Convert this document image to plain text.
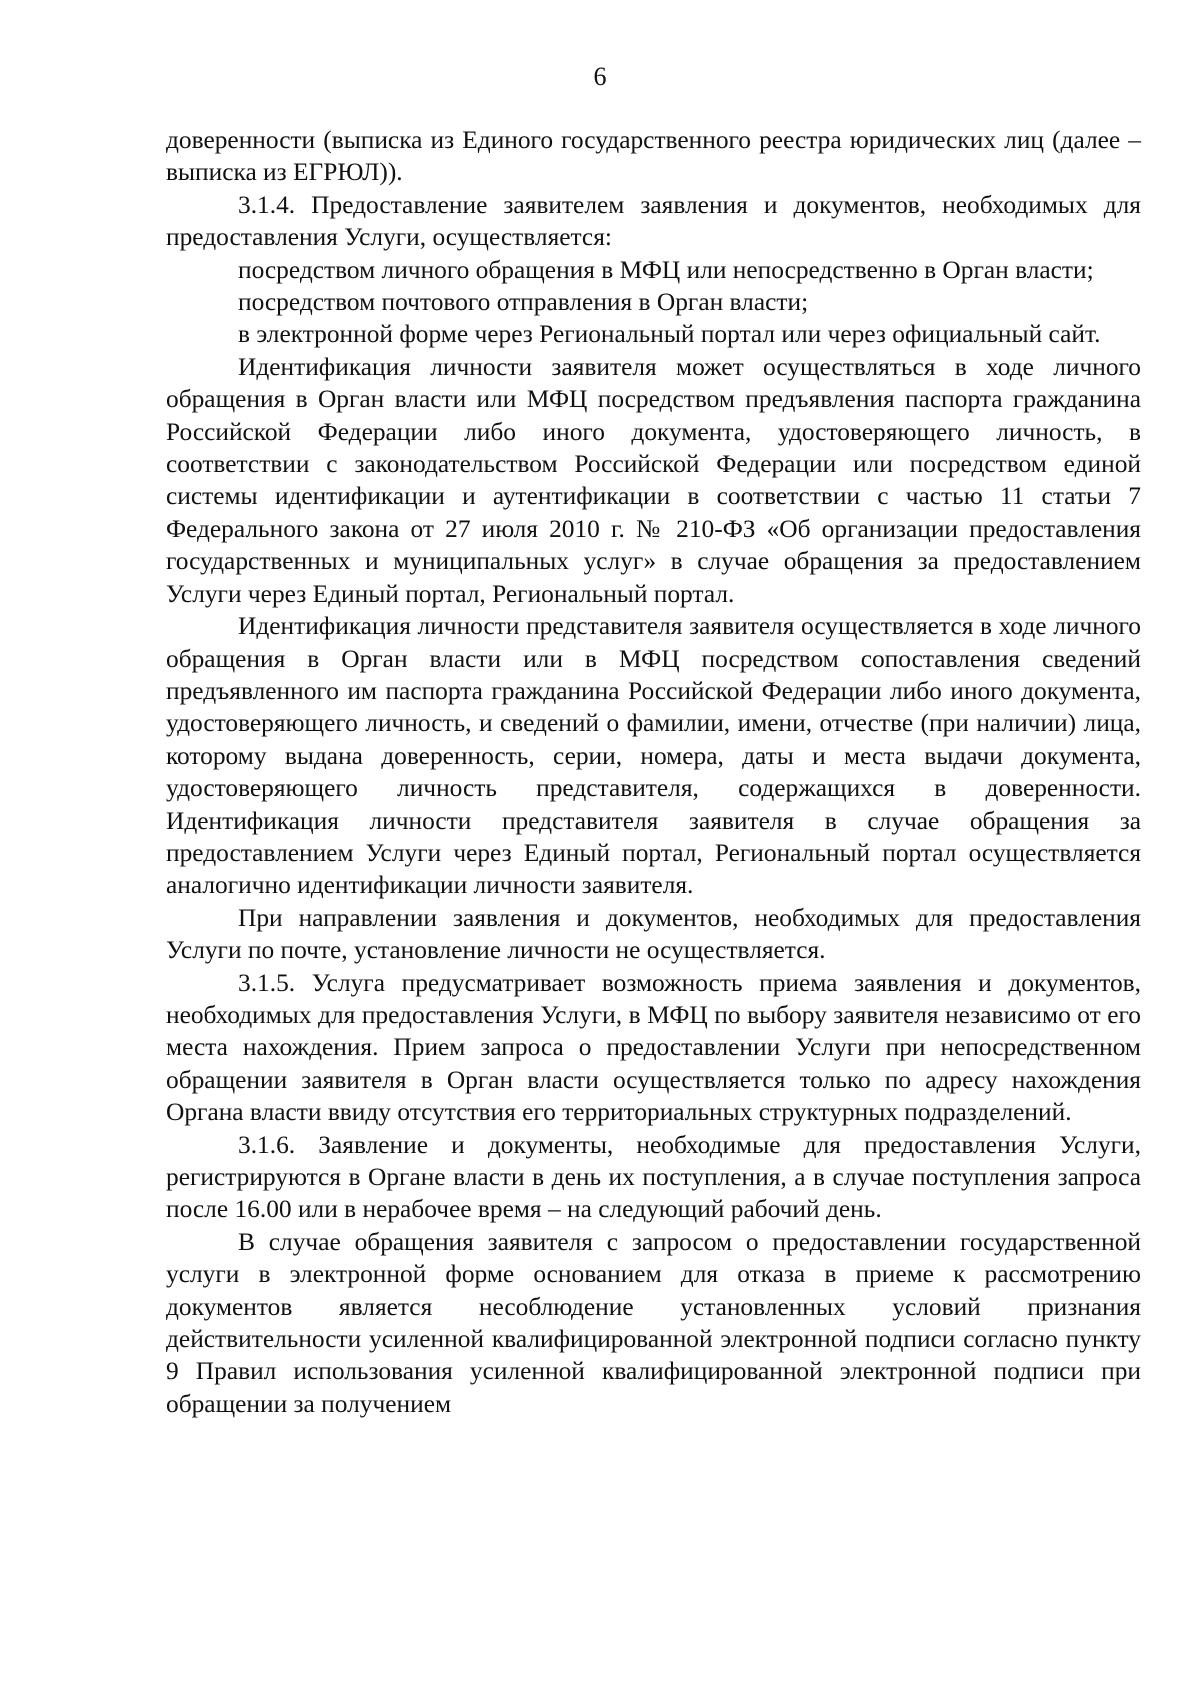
6

доверенности (выписка из Единого государственного реестра юридических лиц (далее – выписка из ЕГРЮЛ)).

3.1.4. Предоставление заявителем заявления и документов, необходимых для предоставления Услуги, осуществляется:

посредством личного обращения в МФЦ или непосредственно в Орган власти;

посредством почтового отправления в Орган власти;

в электронной форме через Региональный портал или через официальный сайт.

Идентификация личности заявителя может осуществляться в ходе личного обращения в Орган власти или МФЦ посредством предъявления паспорта гражданина Российской Федерации либо иного документа, удостоверяющего личность, в соответствии с законодательством Российской Федерации или посредством единой системы идентификации и аутентификации в соответствии с частью 11 статьи 7 Федерального закона от 27 июля 2010 г. № 210-ФЗ «Об организации предоставления государственных и муниципальных услуг» в случае обращения за предоставлением Услуги через Единый портал, Региональный портал.

Идентификация личности представителя заявителя осуществляется в ходе личного обращения в Орган власти или в МФЦ посредством сопоставления сведений предъявленного им паспорта гражданина Российской Федерации либо иного документа, удостоверяющего личность, и сведений о фамилии, имени, отчестве (при наличии) лица, которому выдана доверенность, серии, номера, даты и места выдачи документа, удостоверяющего личность представителя, содержащихся в доверенности. Идентификация личности представителя заявителя в случае обращения за предоставлением Услуги через Единый портал, Региональный портал осуществляется аналогично идентификации личности заявителя.

При направлении заявления и документов, необходимых для предоставления Услуги по почте, установление личности не осуществляется.

3.1.5. Услуга предусматривает возможность приема заявления и документов, необходимых для предоставления Услуги, в МФЦ по выбору заявителя независимо от его места нахождения. Прием запроса о предоставлении Услуги при непосредственном обращении заявителя в Орган власти осуществляется только по адресу нахождения Органа власти ввиду отсутствия его территориальных структурных подразделений.

3.1.6. Заявление и документы, необходимые для предоставления Услуги, регистрируются в Органе власти в день их поступления, а в случае поступления запроса после 16.00 или в нерабочее время – на следующий рабочий день.

В случае обращения заявителя с запросом о предоставлении государственной услуги в электронной форме основанием для отказа в приеме к рассмотрению документов является несоблюдение установленных условий признания действительности усиленной квалифицированной электронной подписи согласно пункту 9 Правил использования усиленной квалифицированной электронной подписи при обращении за получением
